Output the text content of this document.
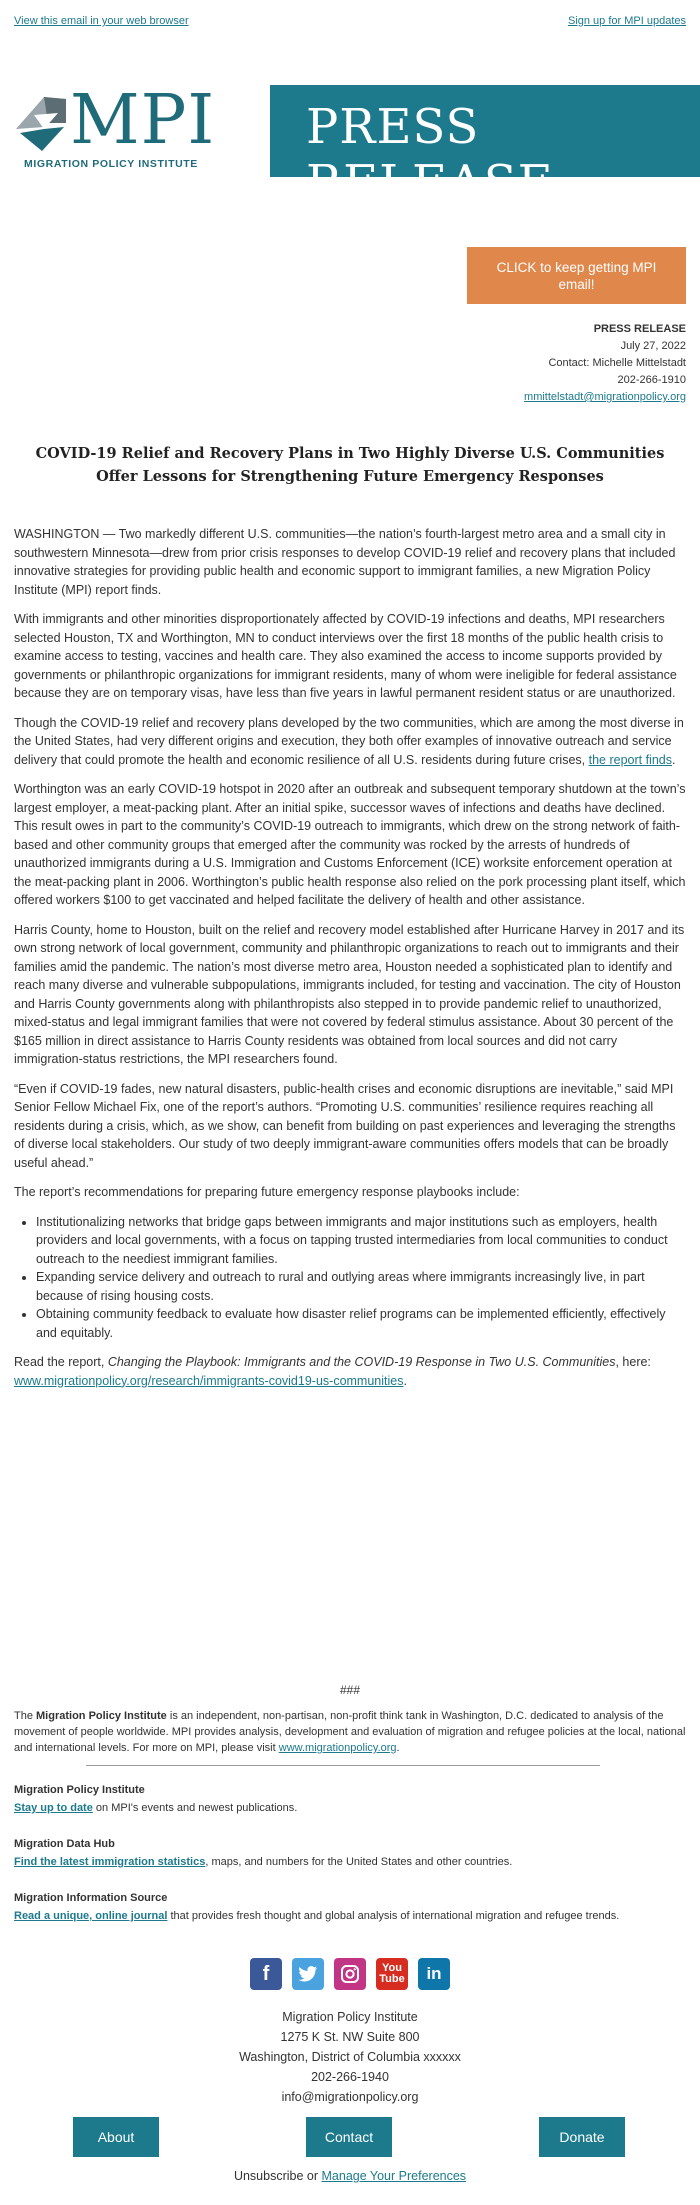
View this email in your web browser	Sign up for MPI updates
MPI
MIGRATION POLICY INSTITUTE
PRESS RELEASE
CLICK to keep getting MPI email!
PRESS RELEASE
July 27, 2022
Contact: Michelle Mittelstadt
202-266-1910
mmittelstadt@migrationpolicy.org
COVID-19 Relief and Recovery Plans in Two Highly Diverse U.S. Communities Offer Lessons for Strengthening Future Emergency Responses

WASHINGTON — Two markedly different U.S. communities—the nation’s fourth-largest metro area and a small city in southwestern Minnesota—drew from prior crisis responses to develop COVID-19 relief and recovery plans that included innovative strategies for providing public health and economic support to immigrant families, a new Migration Policy Institute (MPI) report finds.

With immigrants and other minorities disproportionately affected by COVID-19 infections and deaths, MPI researchers selected Houston, TX and Worthington, MN to conduct interviews over the first 18 months of the public health crisis to examine access to testing, vaccines and health care. They also examined the access to income supports provided by governments or philanthropic organizations for immigrant residents, many of whom were ineligible for federal assistance because they are on temporary visas, have less than five years in lawful permanent resident status or are unauthorized.

Though the COVID-19 relief and recovery plans developed by the two communities, which are among the most diverse in the United States, had very different origins and execution, they both offer examples of innovative outreach and service delivery that could promote the health and economic resilience of all U.S. residents during future crises, the report finds.

Worthington was an early COVID-19 hotspot in 2020 after an outbreak and subsequent temporary shutdown at the town’s largest employer, a meat-packing plant. After an initial spike, successor waves of infections and deaths have declined. This result owes in part to the community’s COVID-19 outreach to immigrants, which drew on the strong network of faith-based and other community groups that emerged after the community was rocked by the arrests of hundreds of unauthorized immigrants during a U.S. Immigration and Customs Enforcement (ICE) worksite enforcement operation at the meat-packing plant in 2006. Worthington’s public health response also relied on the pork processing plant itself, which offered workers $100 to get vaccinated and helped facilitate the delivery of health and other assistance.

Harris County, home to Houston, built on the relief and recovery model established after Hurricane Harvey in 2017 and its own strong network of local government, community and philanthropic organizations to reach out to immigrants and their families amid the pandemic. The nation’s most diverse metro area, Houston needed a sophisticated plan to identify and reach many diverse and vulnerable subpopulations, immigrants included, for testing and vaccination. The city of Houston and Harris County governments along with philanthropists also stepped in to provide pandemic relief to unauthorized, mixed-status and legal immigrant families that were not covered by federal stimulus assistance. About 30 percent of the $165 million in direct assistance to Harris County residents was obtained from local sources and did not carry immigration-status restrictions, the MPI researchers found.

“Even if COVID-19 fades, new natural disasters, public-health crises and economic disruptions are inevitable,” said MPI Senior Fellow Michael Fix, one of the report’s authors. “Promoting U.S. communities’ resilience requires reaching all residents during a crisis, which, as we show, can benefit from building on past experiences and leveraging the strengths of diverse local stakeholders. Our study of two deeply immigrant-aware communities offers models that can be broadly useful ahead.”

The report’s recommendations for preparing future emergency response playbooks include:

• Institutionalizing networks that bridge gaps between immigrants and major institutions such as employers, health providers and local governments, with a focus on tapping trusted intermediaries from local communities to conduct outreach to the neediest immigrant families.
• Expanding service delivery and outreach to rural and outlying areas where immigrants increasingly live, in part because of rising housing costs.
• Obtaining community feedback to evaluate how disaster relief programs can be implemented efficiently, effectively and equitably.

Read the report, Changing the Playbook: Immigrants and the COVID-19 Response in Two U.S. Communities, here: www.migrationpolicy.org/research/immigrants-covid19-us-communities.

###
The Migration Policy Institute is an independent, non-partisan, non-profit think tank in Washington, D.C. dedicated to analysis of the movement of people worldwide. MPI provides analysis, development and evaluation of migration and refugee policies at the local, national and international levels. For more on MPI, please visit www.migrationpolicy.org.
Migration Policy Institute
Stay up to date on MPI's events and newest publications.
Migration Data Hub
Find the latest immigration statistics, maps, and numbers for the United States and other countries.
Migration Information Source
Read a unique, online journal that provides fresh thought and global analysis of international migration and refugee trends.
f	You
Tube	in
Migration Policy Institute
1275 K St. NW Suite 800
Washington, District of Columbia xxxxxx
202-266-1940
info@migrationpolicy.org
About	Contact	Donate
Unsubscribe or Manage Your Preferences
